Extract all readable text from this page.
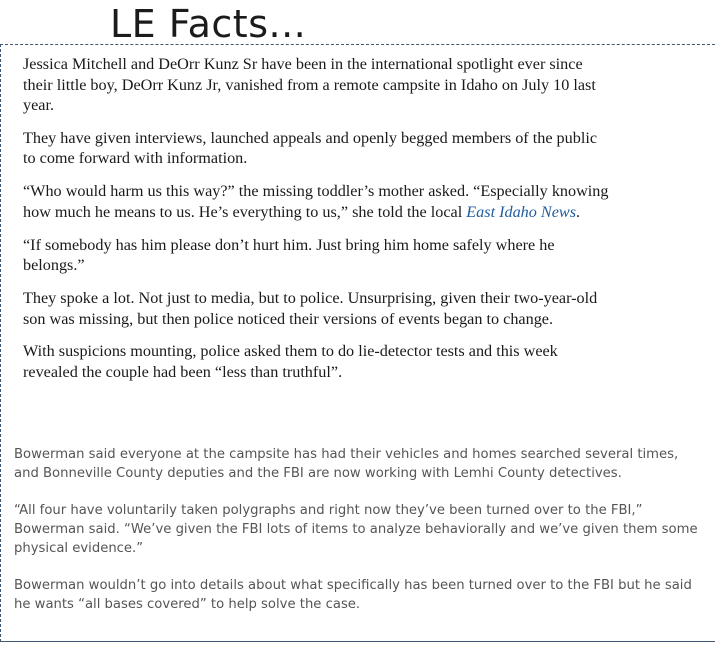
LE Facts...

Jessica Mitchell and DeOrr Kunz Sr have been in the international spotlight ever since their little boy, DeOrr Kunz Jr, vanished from a remote campsite in Idaho on July 10 last year.

They have given interviews, launched appeals and openly begged members of the public to come forward with information.

“Who would harm us this way?” the missing toddler’s mother asked. “Especially knowing how much he means to us. He’s everything to us,” she told the local East Idaho News.

“If somebody has him please don’t hurt him. Just bring him home safely where he belongs.”

They spoke a lot. Not just to media, but to police. Unsurprising, given their two-year-old son was missing, but then police noticed their versions of events began to change.

With suspicions mounting, police asked them to do lie-detector tests and this week revealed the couple had been “less than truthful”.

Bowerman said everyone at the campsite has had their vehicles and homes searched several times, and Bonneville County deputies and the FBI are now working with Lemhi County detectives.

“All four have voluntarily taken polygraphs and right now they’ve been turned over to the FBI,” Bowerman said. “We’ve given the FBI lots of items to analyze behaviorally and we’ve given them some physical evidence.”

Bowerman wouldn’t go into details about what specifically has been turned over to the FBI but he said he wants “all bases covered” to help solve the case.
